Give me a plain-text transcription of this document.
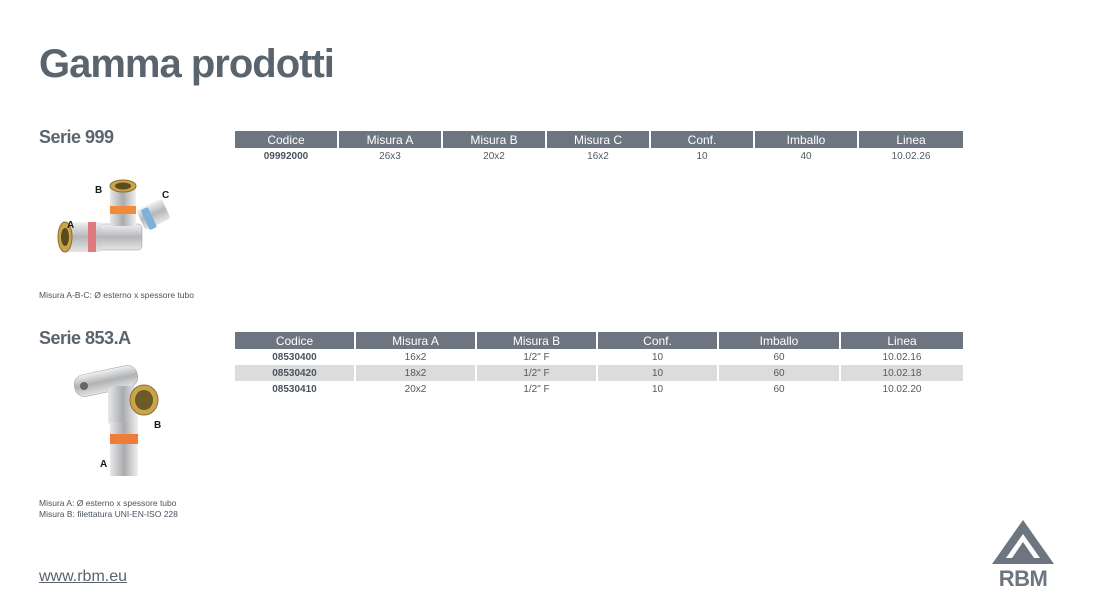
Gamma prodotti
Serie 999
B	C
A
Misura A-B-C: Ø esterno x spessore tubo
Codice	Misura A	Misura B	Misura C	Conf.	Imballo	Linea
09992000	26x3	20x2	16x2	10	40	10.02.26
Serie 853.A
B
A
Misura A: Ø esterno x spessore tubo
Misura B: filettatura UNI-EN-ISO 228
Codice	Misura A	Misura B	Conf.	Imballo	Linea
08530400	16x2	1/2" F	10	60	10.02.16
08530420	18x2	1/2" F	10	60	10.02.18
08530410	20x2	1/2" F	10	60	10.02.20
www.rbm.eu	RBM
